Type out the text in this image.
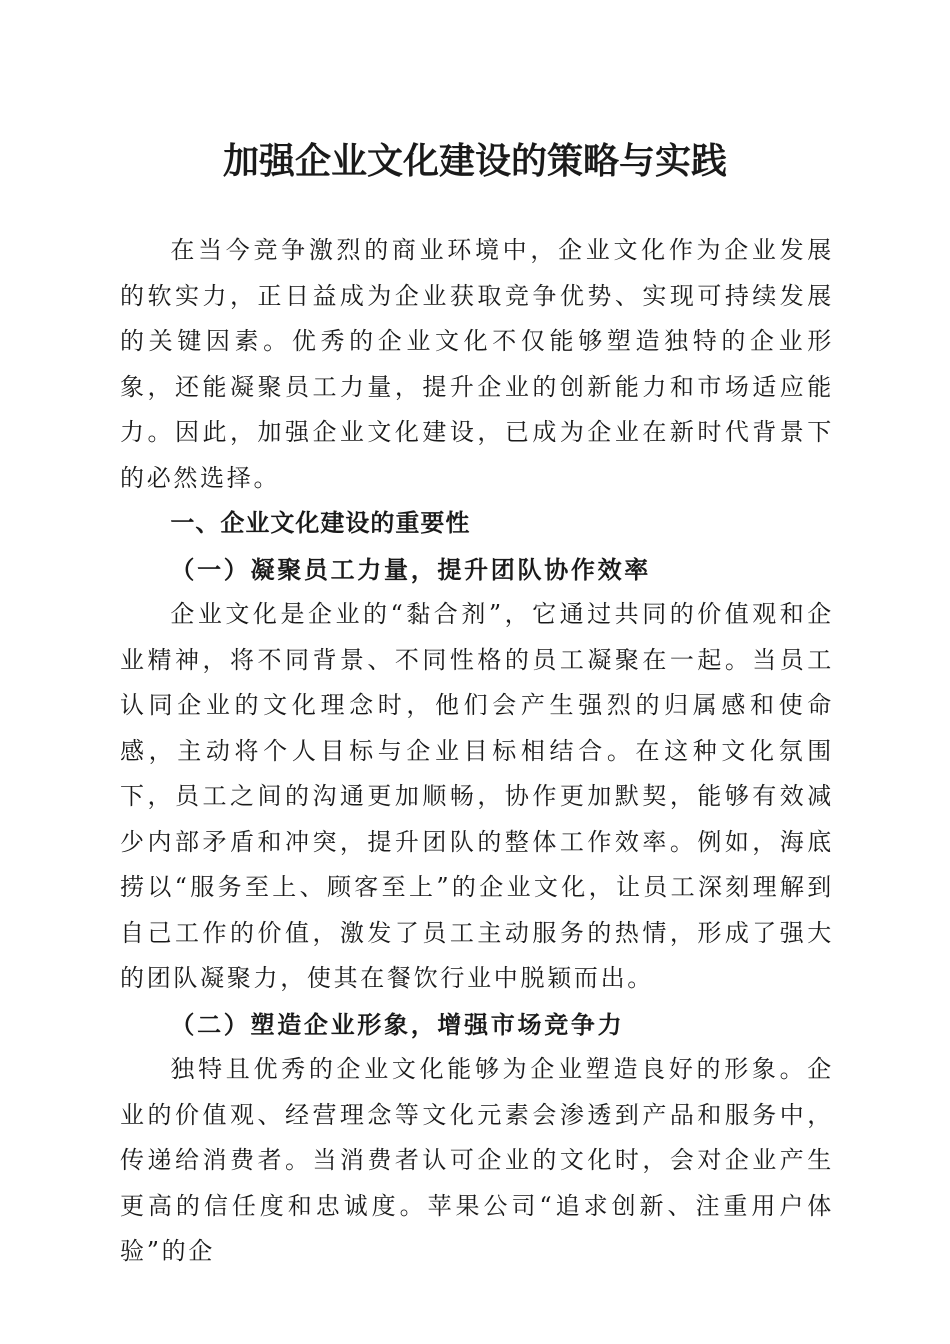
加强企业文化建设的策略与实践

在当今竞争激烈的商业环境中，企业文化作为企业发展的软实力，正日益成为企业获取竞争优势、实现可持续发展的关键因素。优秀的企业文化不仅能够塑造独特的企业形象，还能凝聚员工力量，提升企业的创新能力和市场适应能力。因此，加强企业文化建设，已成为企业在新时代背景下的必然选择。

一、企业文化建设的重要性

（一）凝聚员工力量，提升团队协作效率

企业文化是企业的“黏合剂”，它通过共同的价值观和企业精神，将不同背景、不同性格的员工凝聚在一起。当员工认同企业的文化理念时，他们会产生强烈的归属感和使命感，主动将个人目标与企业目标相结合。在这种文化氛围下，员工之间的沟通更加顺畅，协作更加默契，能够有效减少内部矛盾和冲突，提升团队的整体工作效率。例如，海底捞以“服务至上、顾客至上”的企业文化，让员工深刻理解到自己工作的价值，激发了员工主动服务的热情，形成了强大的团队凝聚力，使其在餐饮行业中脱颖而出。

（二）塑造企业形象，增强市场竞争力

独特且优秀的企业文化能够为企业塑造良好的形象。企业的价值观、经营理念等文化元素会渗透到产品和服务中，传递给消费者。当消费者认可企业的文化时，会对企业产生更高的信任度和忠诚度。苹果公司“追求创新、注重用户体验”的企
